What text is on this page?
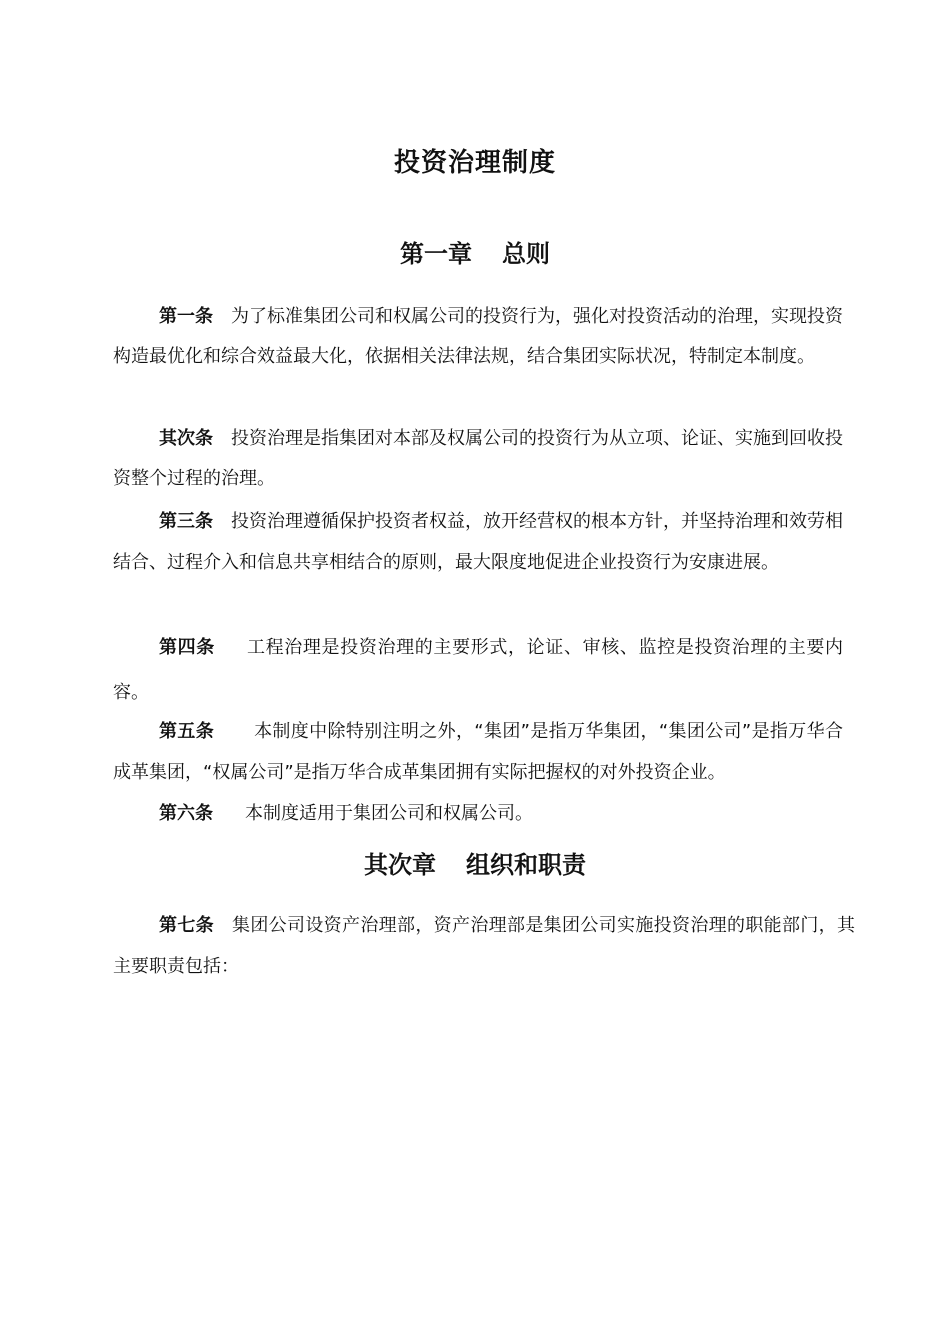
投资治理制度
第一章 总则

第一条 为了标准集团公司和权属公司的投资行为，强化对投资活动的治理，实现投资构造最优化和综合效益最大化，依据相关法律法规，结合集团实际状况，特制定本制度。

其次条 投资治理是指集团对本部及权属公司的投资行为从立项、论证、实施到回收投资整个过程的治理。

第三条 投资治理遵循保护投资者权益，放开经营权的根本方针，并坚持治理和效劳相结合、过程介入和信息共享相结合的原则，最大限度地促进企业投资行为安康进展。

第四条 工程治理是投资治理的主要形式，论证、审核、监控是投资治理的主要内容。

第五条 本制度中除特别注明之外，“集团”是指万华集团，“集团公司”是指万华合成革集团，“权属公司”是指万华合成革集团拥有实际把握权的对外投资企业。

第六条 本制度适用于集团公司和权属公司。

其次章 组织和职责

第七条 集团公司设资产治理部，资产治理部是集团公司实施投资治理的职能部门，其主要职责包括：
